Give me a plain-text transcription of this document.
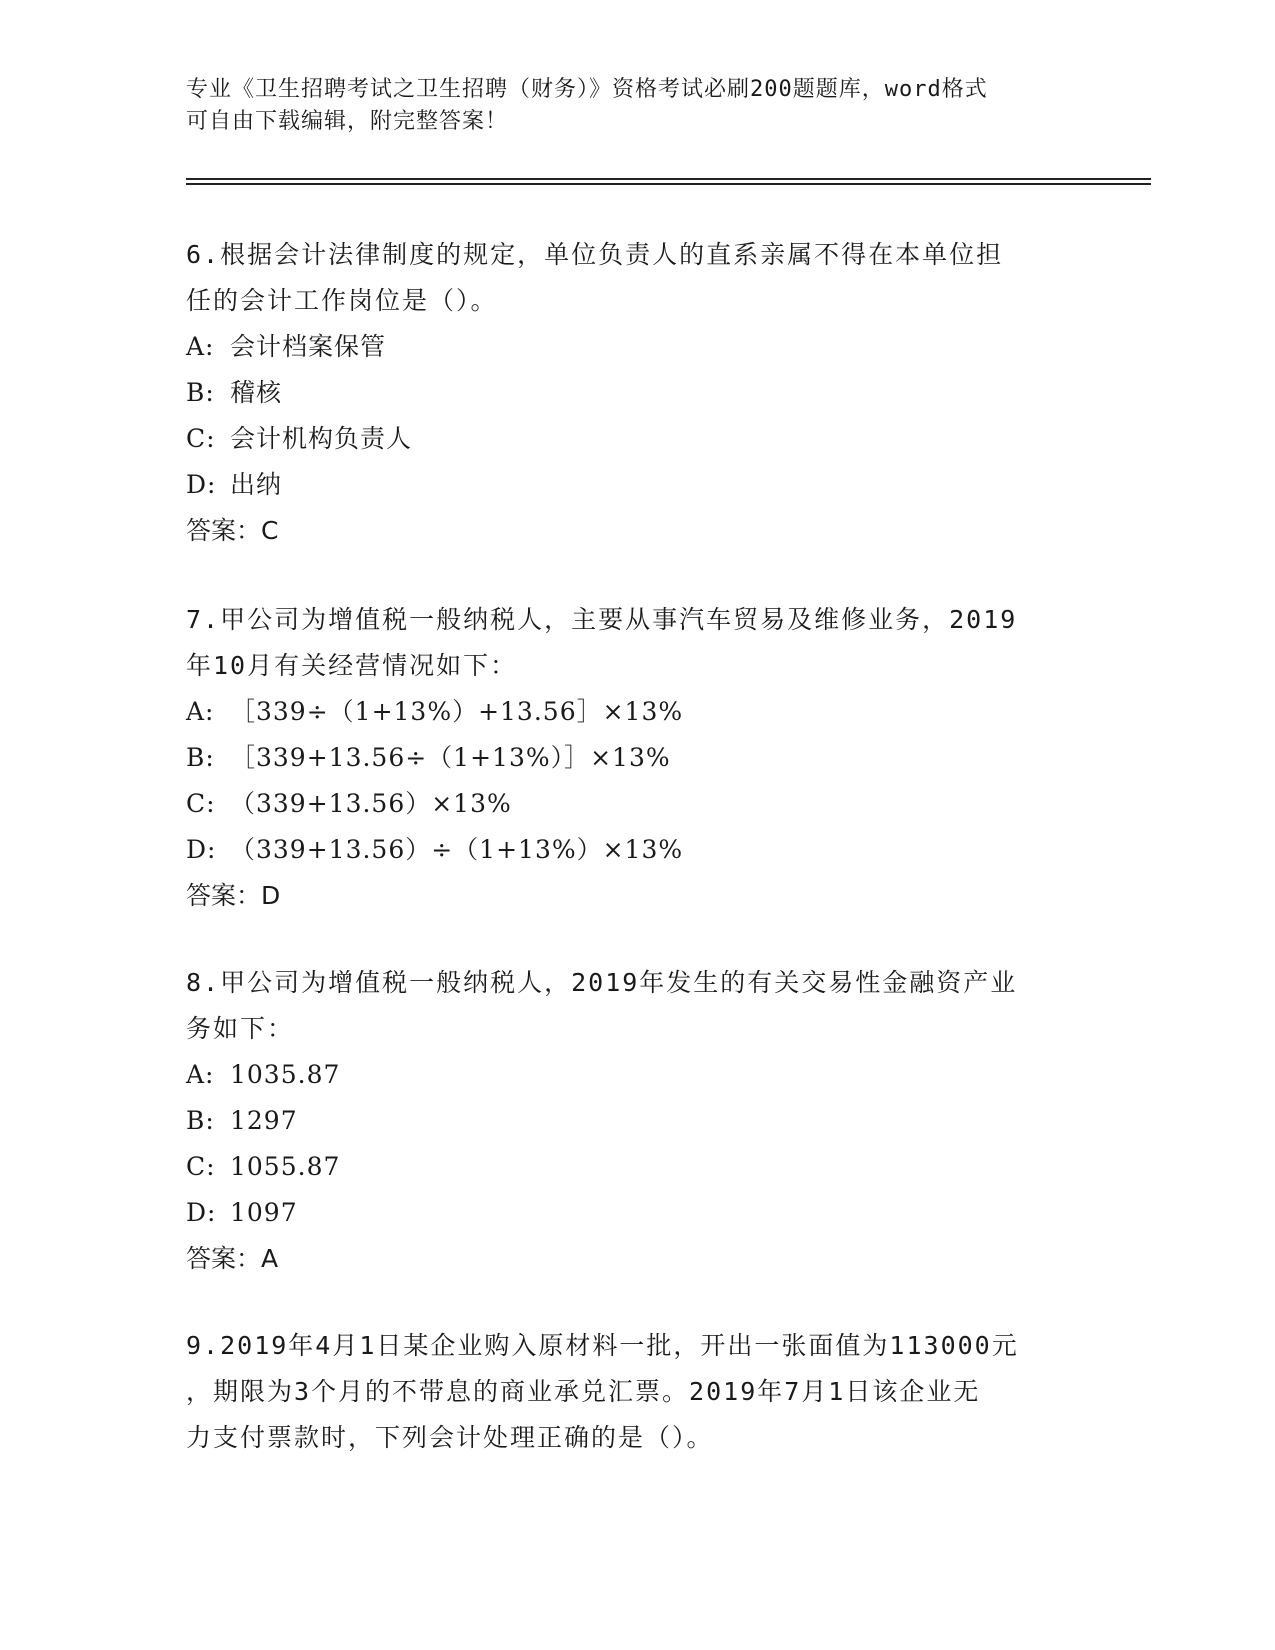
专业《卫生招聘考试之卫生招聘（财务）》资格考试必刷200题题库，word格式
可自由下载编辑，附完整答案！

6.根据会计法律制度的规定，单位负责人的直系亲属不得在本单位担

任的会计工作岗位是（）。

A: 会计档案保管

B: 稽核

C: 会计机构负责人

D: 出纳

答案：C

7.甲公司为增值税一般纳税人，主要从事汽车贸易及维修业务，2019

年10月有关经营情况如下：

A: ［339÷（1+13%）+13.56］×13%

B: ［339+13.56÷（1+13%）］×13%

C: （339+13.56）×13%

D: （339+13.56）÷（1+13%）×13%

答案：D

8.甲公司为增值税一般纳税人，2019年发生的有关交易性金融资产业

务如下：

A: 1035.87

B: 1297

C: 1055.87

D: 1097

答案：A

9.2019年4月1日某企业购入原材料一批，开出一张面值为113000元

，期限为3个月的不带息的商业承兑汇票。2019年7月1日该企业无

力支付票款时，下列会计处理正确的是（）。
